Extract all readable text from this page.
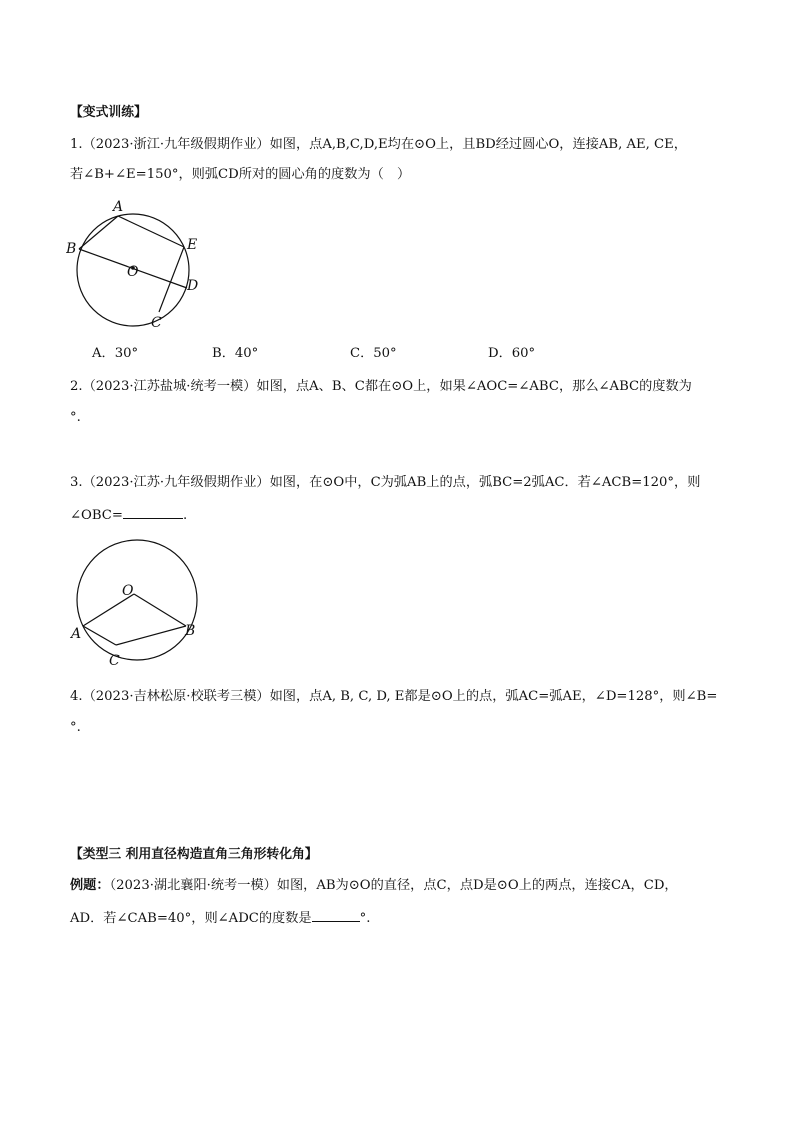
【变式训练】
1.（2023·浙江·九年级假期作业）如图，点A,B,C,D,E均在⊙O上，且BD经过圆心O，连接AB, AE, CE，
若∠B+∠E=150°，则弧CD所对的圆心角的度数为（　）
A
B
O
E
D
C
A．30°	B．40°	C．50°	D．60°
2.（2023·江苏盐城·统考一模）如图，点A、B、C都在⊙O上，如果∠AOC=∠ABC，那么∠ABC的度数为
°.
3.（2023·江苏·九年级假期作业）如图，在⊙O中，C为弧AB上的点，弧BC=2弧AC．若∠ACB=120°，则
∠OBC=	.
O
A	B
C
4.（2023·吉林松原·校联考三模）如图，点A, B, C, D, E都是⊙O上的点，弧AC=弧AE，∠D=128°，则∠B=
°.
【类型三 利用直径构造直角三角形转化角】
例题：（2023·湖北襄阳·统考一模）如图，AB为⊙O的直径，点C，点D是⊙O上的两点，连接CA，CD，
AD．若∠CAB=40°，则∠ADC的度数是	°.
